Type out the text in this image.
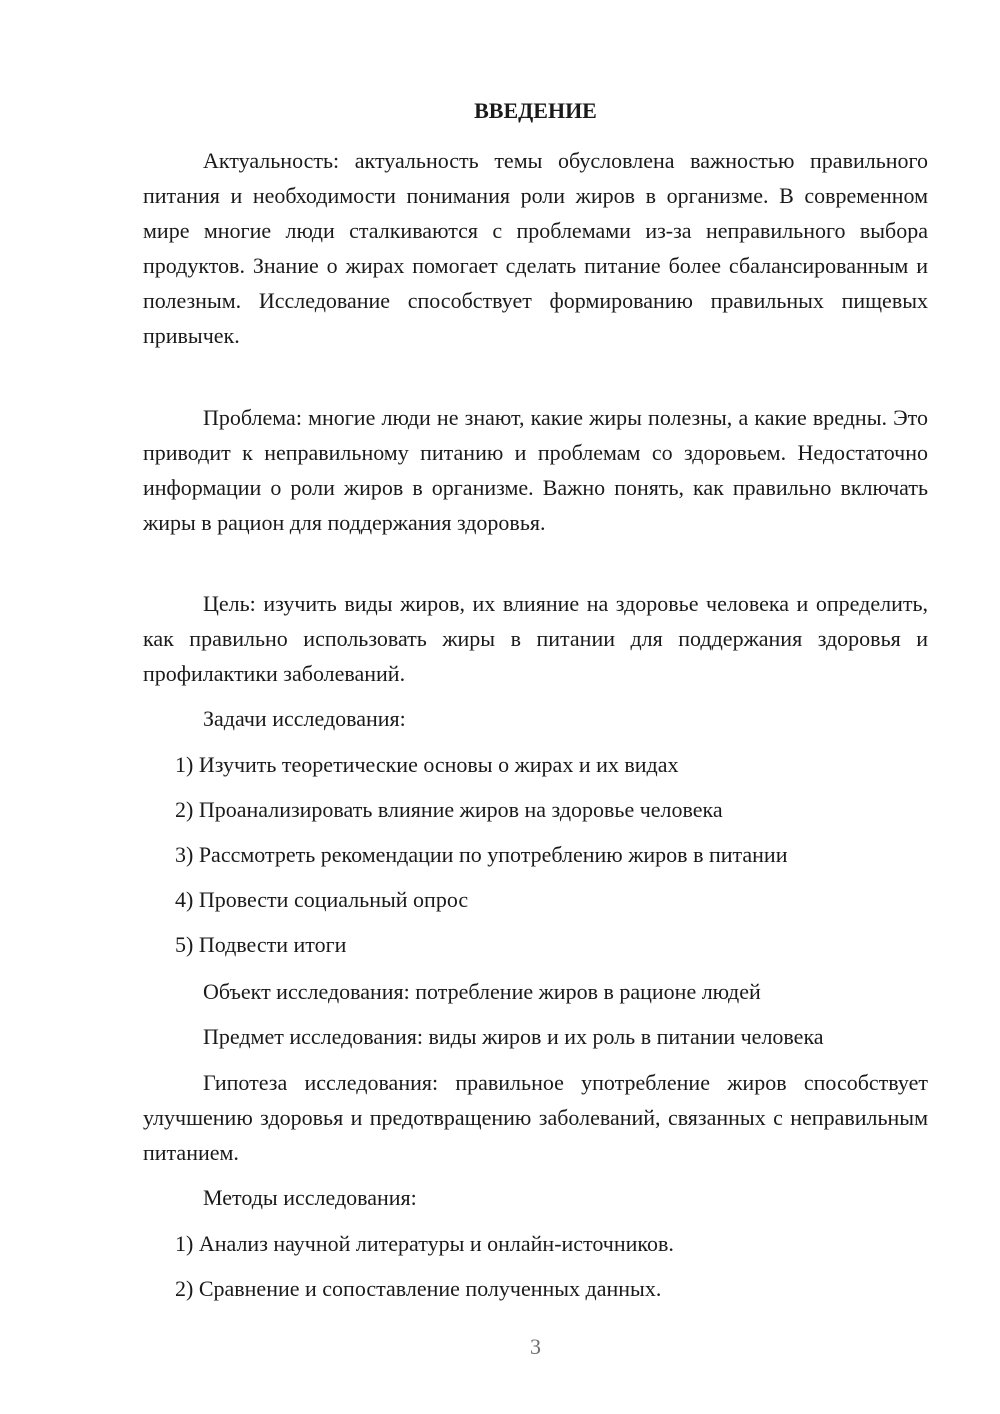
ВВЕДЕНИЕ

Актуальность: актуальность темы обусловлена важностью правильного питания и необходимости понимания роли жиров в организме. В современном мире многие люди сталкиваются с проблемами из-за неправильного выбора продуктов. Знание о жирах помогает сделать питание более сбалансированным и полезным. Исследование способствует формированию правильных пищевых привычек.

Проблема: многие люди не знают, какие жиры полезны, а какие вредны. Это приводит к неправильному питанию и проблемам со здоровьем. Недостаточно информации о роли жиров в организме. Важно понять, как правильно включать жиры в рацион для поддержания здоровья.

Цель: изучить виды жиров, их влияние на здоровье человека и определить, как правильно использовать жиры в питании для поддержания здоровья и профилактики заболеваний.

Задачи исследования:

1) Изучить теоретические основы о жирах и их видах

2) Проанализировать влияние жиров на здоровье человека

3) Рассмотреть рекомендации по употреблению жиров в питании

4) Провести социальный опрос

5) Подвести итоги

Объект исследования: потребление жиров в рационе людей

Предмет исследования: виды жиров и их роль в питании человека

Гипотеза исследования: правильное употребление жиров способствует улучшению здоровья и предотвращению заболеваний, связанных с неправильным питанием.

Методы исследования:

1) Анализ научной литературы и онлайн-источников.

2) Сравнение и сопоставление полученных данных.

3
